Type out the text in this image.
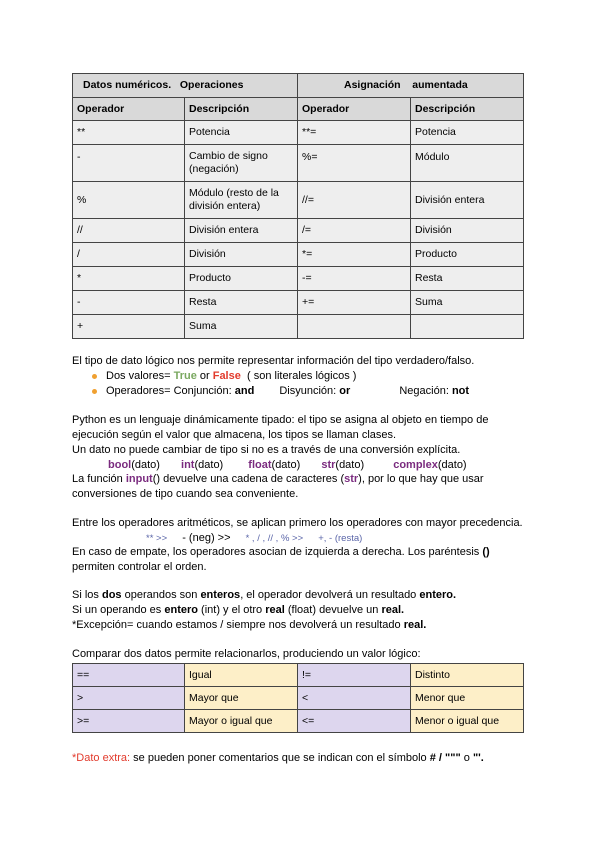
Datos numéricos. Operaciones		Asignación aumentada	
Operador	Descripción	Operador	Descripción
**	Potencia	**=	Potencia
-	Cambio de signo (negación)	%=	Módulo
%	Módulo (resto de la división entera)	//=	División entera
//	División entera	/=	División
/	División	*=	Producto
*	Producto	-=	Resta
-	Resta	+=	Suma
+	Suma		
El tipo de dato lógico nos permite representar información del tipo verdadero/falso.
Dos valores= True or False ( son literales lógicos )
Operadores= Conjunción: and Disyunción: or	Negación: not
Python es un lenguaje dinámicamente tipado: el tipo se asigna al objeto en tiempo de
ejecución según el valor que almacena, los tipos se llaman clases.
Un dato no puede cambiar de tipo si no es a través de una conversión explícita.
bool(dato) int(dato) float(dato) str(dato)	complex(dato)
La función input() devuelve una cadena de caracteres (str), por lo que hay que usar
conversiones de tipo cuando sea conveniente.
Entre los operadores aritméticos, se aplican primero los operadores con mayor precedencia.
** >> - (neg) >> * , / , // , % >> +, - (resta)
En caso de empate, los operadores asocian de izquierda a derecha. Los paréntesis ()
permiten controlar el orden.
Si los dos operandos son enteros, el operador devolverá un resultado entero.
Si un operando es entero (int) y el otro real (float) devuelve un real.
*Excepción= cuando estamos / siempre nos devolverá un resultado real.
Comparar dos datos permite relacionarlos, produciendo un valor lógico:
==	Igual	!=	Distinto
>	Mayor que	<	Menor que
>=	Mayor o igual que	<=	Menor o igual que
*Dato extra: se pueden poner comentarios que se indican con el símbolo # / """ o "'.
